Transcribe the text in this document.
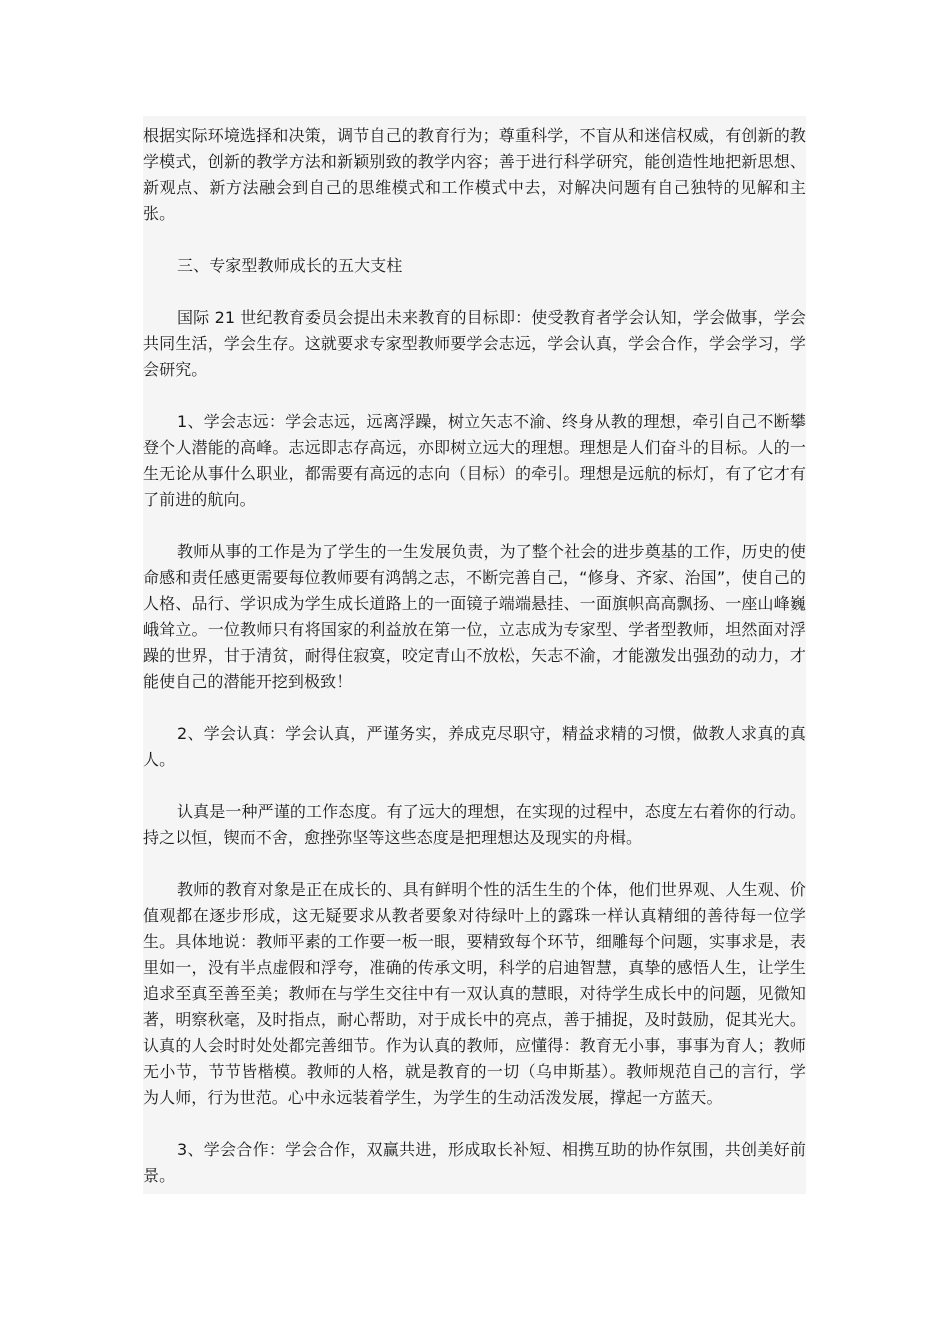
根据实际环境选择和决策，调节自己的教育行为；尊重科学，不盲从和迷信权威，有创新的教学模式，创新的教学方法和新颖别致的教学内容；善于进行科学研究，能创造性地把新思想、新观点、新方法融会到自己的思维模式和工作模式中去，对解决问题有自己独特的见解和主张。

三、专家型教师成长的五大支柱

国际 21 世纪教育委员会提出未来教育的目标即：使受教育者学会认知，学会做事，学会共同生活，学会生存。这就要求专家型教师要学会志远，学会认真，学会合作，学会学习，学会研究。

1、学会志远：学会志远，远离浮躁，树立矢志不渝、终身从教的理想，牵引自己不断攀登个人潜能的高峰。志远即志存高远，亦即树立远大的理想。理想是人们奋斗的目标。人的一生无论从事什么职业，都需要有高远的志向（目标）的牵引。理想是远航的标灯，有了它才有了前进的航向。

教师从事的工作是为了学生的一生发展负责，为了整个社会的进步奠基的工作，历史的使命感和责任感更需要每位教师要有鸿鹄之志，不断完善自己，“修身、齐家、治国”，使自己的人格、品行、学识成为学生成长道路上的一面镜子端端悬挂、一面旗帜高高飘扬、一座山峰巍峨耸立。一位教师只有将国家的利益放在第一位，立志成为专家型、学者型教师，坦然面对浮躁的世界，甘于清贫，耐得住寂寞，咬定青山不放松，矢志不渝，才能激发出强劲的动力，才能使自己的潜能开挖到极致！

2、学会认真：学会认真，严谨务实，养成克尽职守，精益求精的习惯，做教人求真的真人。

认真是一种严谨的工作态度。有了远大的理想，在实现的过程中，态度左右着你的行动。持之以恒，锲而不舍，愈挫弥坚等这些态度是把理想达及现实的舟楫。

教师的教育对象是正在成长的、具有鲜明个性的活生生的个体，他们世界观、人生观、价值观都在逐步形成，这无疑要求从教者要象对待绿叶上的露珠一样认真精细的善待每一位学生。具体地说：教师平素的工作要一板一眼，要精致每个环节，细雕每个问题，实事求是，表里如一，没有半点虚假和浮夸，准确的传承文明，科学的启迪智慧，真挚的感悟人生，让学生追求至真至善至美；教师在与学生交往中有一双认真的慧眼，对待学生成长中的问题，见微知著，明察秋毫，及时指点，耐心帮助，对于成长中的亮点，善于捕捉，及时鼓励，促其光大。认真的人会时时处处都完善细节。作为认真的教师，应懂得：教育无小事，事事为育人；教师无小节，节节皆楷模。教师的人格，就是教育的一切（乌申斯基）。教师规范自己的言行，学为人师，行为世范。心中永远装着学生，为学生的生动活泼发展，撑起一方蓝天。

3、学会合作：学会合作，双赢共进，形成取长补短、相携互助的协作氛围，共创美好前景。
